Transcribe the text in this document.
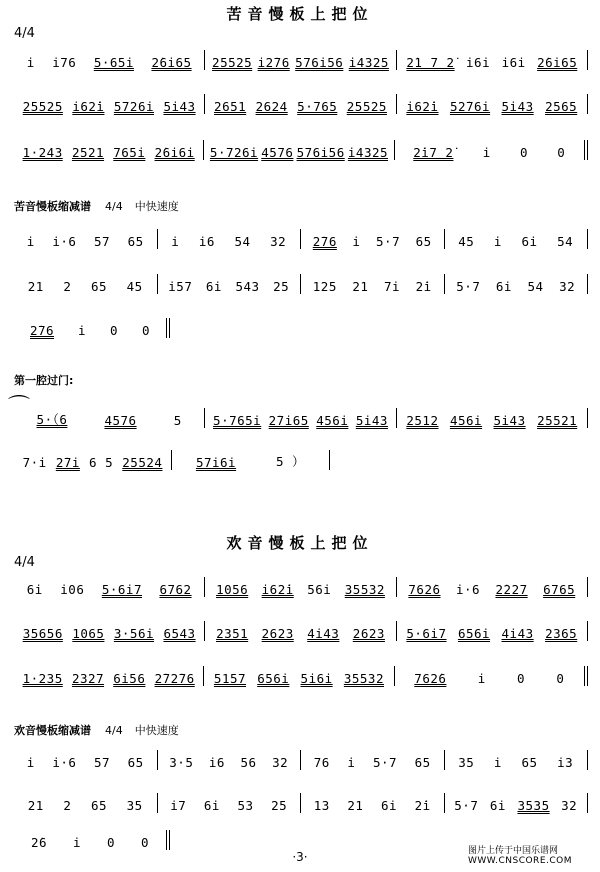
苦音慢板上把位
4/4
i i76 5·65i 2̇6i65 25525 i2̇76 576i56 i4325 2̇1 7 2̇ i6i i6i 2̇6i65
25525 i62̇i 5726i 5i43 2651 2624 5·765 25525 i62̇i 52̇76i 5i43 2565
1·243 2521 765i 2̇6i6i 5·726i 4576 576i56 i4325 2̇i7 2̇ i 0 0
苦音慢板缩减谱 4/4 中快速度
i i·6 57 65 i i6 54 32 2̇76 i 5·7 65 45 i 6i 54
21 2 65 45 i57 6i 543 25 125 21 7i 2̇i 5·7 6i 54 32
2̇76 i 0 0
第一腔过门:
⌒ 5·（6	4576	5	5·765i 2̇7i65 456i 5i43 2512 456i 5i43 25521
7·i 2̇7i 6 5 25524	57i6i	5 ）
欢音慢板上把位
4/4
6i i06 5·6i7 6762 1056 i62̇i 56i 35532 762̇6 i·6 2̇227 6765
35656 1065 3·56i 6543 2351 2623 4i43 2623 5·6i7 656i 4i43 2365
1·235 2327 6i56 2̇72̇76 5157 656i 5i6i 35532 762̇6	i	0	0
欢音慢板缩减谱 4/4 中快速度
i i·6 57 65 3·5 i6 56 32 76 i 5·7 65 35 i 65 i3
21 2 65 35 i7 6i 53 25 13 21 6i 2̇i 5·7 6i 3535 32
2̇6 i 0 0
·3·	图片上传于中国乐谱网
WWW.CNSCORE.COM
